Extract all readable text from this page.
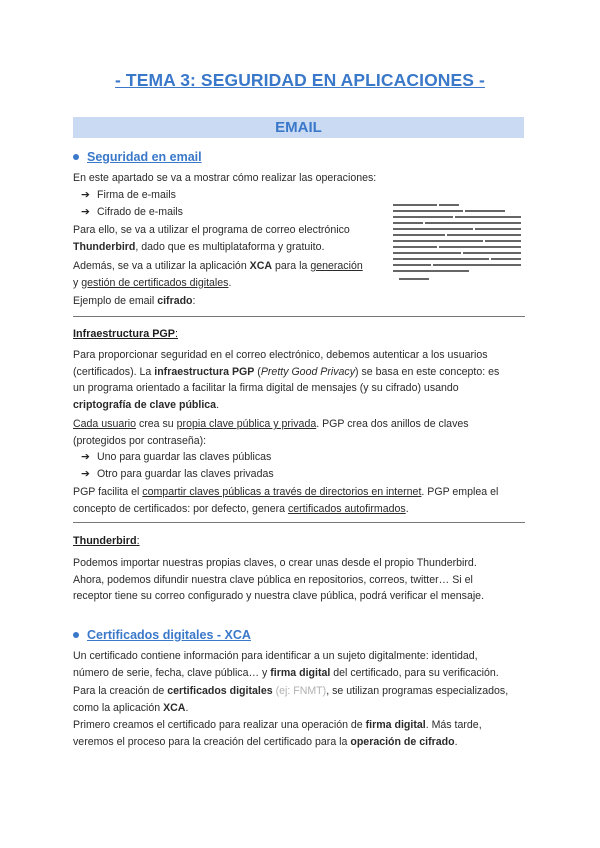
- TEMA 3: SEGURIDAD EN APLICACIONES -
EMAIL
Seguridad en email
En este apartado se va a mostrar cómo realizar las operaciones:
➔ Firma de e-mails
➔ Cifrado de e-mails
Para ello, se va a utilizar el programa de correo electrónico
Thunderbird, dado que es multiplataforma y gratuito.
Además, se va a utilizar la aplicación XCA para la generación
y gestión de certificados digitales.
Ejemplo de email cifrado:
Infraestructura PGP:
Para proporcionar seguridad en el correo electrónico, debemos autenticar a los usuarios
(certificados). La infraestructura PGP (Pretty Good Privacy) se basa en este concepto: es
un programa orientado a facilitar la firma digital de mensajes (y su cifrado) usando
criptografía de clave pública.
Cada usuario crea su propia clave pública y privada. PGP crea dos anillos de claves
(protegidos por contraseña):
➔ Uno para guardar las claves públicas
➔ Otro para guardar las claves privadas
PGP facilita el compartir claves públicas a través de directorios en internet. PGP emplea el
concepto de certificados: por defecto, genera certificados autofirmados.
Thunderbird:
Podemos importar nuestras propias claves, o crear unas desde el propio Thunderbird.
Ahora, podemos difundir nuestra clave pública en repositorios, correos, twitter… Si el
receptor tiene su correo configurado y nuestra clave pública, podrá verificar el mensaje.
Certificados digitales - XCA
Un certificado contiene información para identificar a un sujeto digitalmente: identidad,
número de serie, fecha, clave pública… y firma digital del certificado, para su verificación.
Para la creación de certificados digitales (ej: FNMT), se utilizan programas especializados,
como la aplicación XCA.
Primero creamos el certificado para realizar una operación de firma digital. Más tarde,
veremos el proceso para la creación del certificado para la operación de cifrado.
